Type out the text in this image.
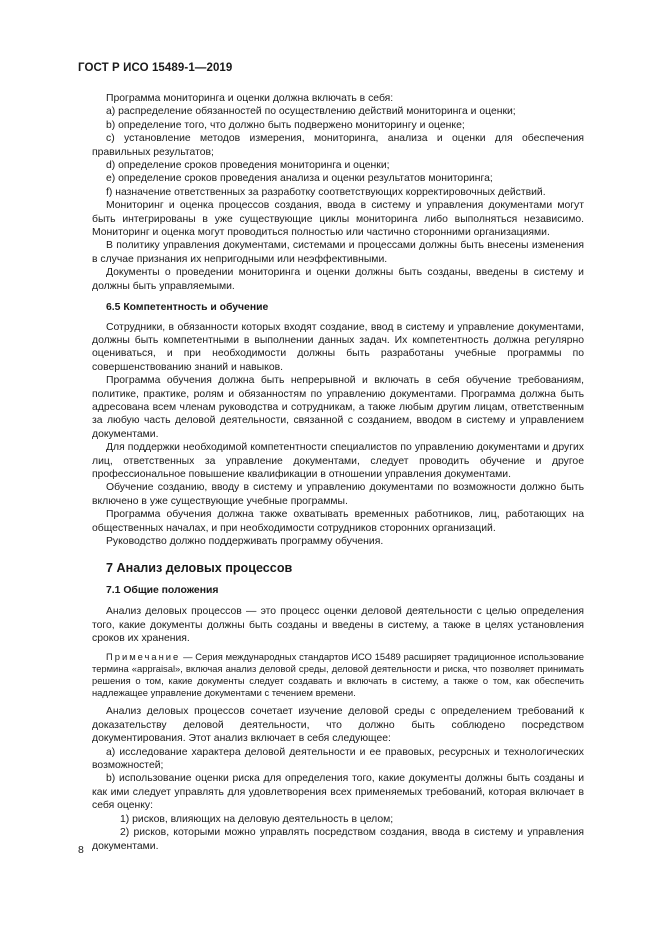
ГОСТ Р ИСО 15489-1—2019

Программа мониторинга и оценки должна включать в себя:

а) распределение обязанностей по осуществлению действий мониторинга и оценки;

b) определение того, что должно быть подвержено мониторингу и оценке;

c) установление методов измерения, мониторинга, анализа и оценки для обеспечения правильных результатов;

d) определение сроков проведения мониторинга и оценки;

e) определение сроков проведения анализа и оценки результатов мониторинга;

f) назначение ответственных за разработку соответствующих корректировочных действий.

Мониторинг и оценка процессов создания, ввода в систему и управления документами могут быть интегрированы в уже существующие циклы мониторинга либо выполняться независимо. Мониторинг и оценка могут проводиться полностью или частично сторонними организациями.

В политику управления документами, системами и процессами должны быть внесены изменения в случае признания их непригодными или неэффективными.

Документы о проведении мониторинга и оценки должны быть созданы, введены в систему и должны быть управляемыми.

6.5 Компетентность и обучение

Сотрудники, в обязанности которых входят создание, ввод в систему и управление документами, должны быть компетентными в выполнении данных задач. Их компетентность должна регулярно оцениваться, и при необходимости должны быть разработаны учебные программы по совершенствованию знаний и навыков.

Программа обучения должна быть непрерывной и включать в себя обучение требованиям, политике, практике, ролям и обязанностям по управлению документами. Программа должна быть адресована всем членам руководства и сотрудникам, а также любым другим лицам, ответственным за любую часть деловой деятельности, связанной с созданием, вводом в систему и управлением документами.

Для поддержки необходимой компетентности специалистов по управлению документами и других лиц, ответственных за управление документами, следует проводить обучение и другое профессиональное повышение квалификации в отношении управления документами.

Обучение созданию, вводу в систему и управлению документами по возможности должно быть включено в уже существующие учебные программы.

Программа обучения должна также охватывать временных работников, лиц, работающих на общественных началах, и при необходимости сотрудников сторонних организаций.

Руководство должно поддерживать программу обучения.

7 Анализ деловых процессов

7.1 Общие положения

Анализ деловых процессов — это процесс оценки деловой деятельности с целью определения того, какие документы должны быть созданы и введены в систему, а также в целях установления сроков их хранения.

Примечание — Серия международных стандартов ИСО 15489 расширяет традиционное использование термина «appraisal», включая анализ деловой среды, деловой деятельности и риска, что позволяет принимать решения о том, какие документы следует создавать и включать в систему, а также о том, как обеспечить надлежащее управление документами с течением времени.

Анализ деловых процессов сочетает изучение деловой среды с определением требований к доказательству деловой деятельности, что должно быть соблюдено посредством документирования. Этот анализ включает в себя следующее:

a) исследование характера деловой деятельности и ее правовых, ресурсных и технологических возможностей;

b) использование оценки риска для определения того, какие документы должны быть созданы и как ими следует управлять для удовлетворения всех применяемых требований, которая включает в себя оценку:

1) рисков, влияющих на деловую деятельность в целом;

2) рисков, которыми можно управлять посредством создания, ввода в систему и управления документами.

8
